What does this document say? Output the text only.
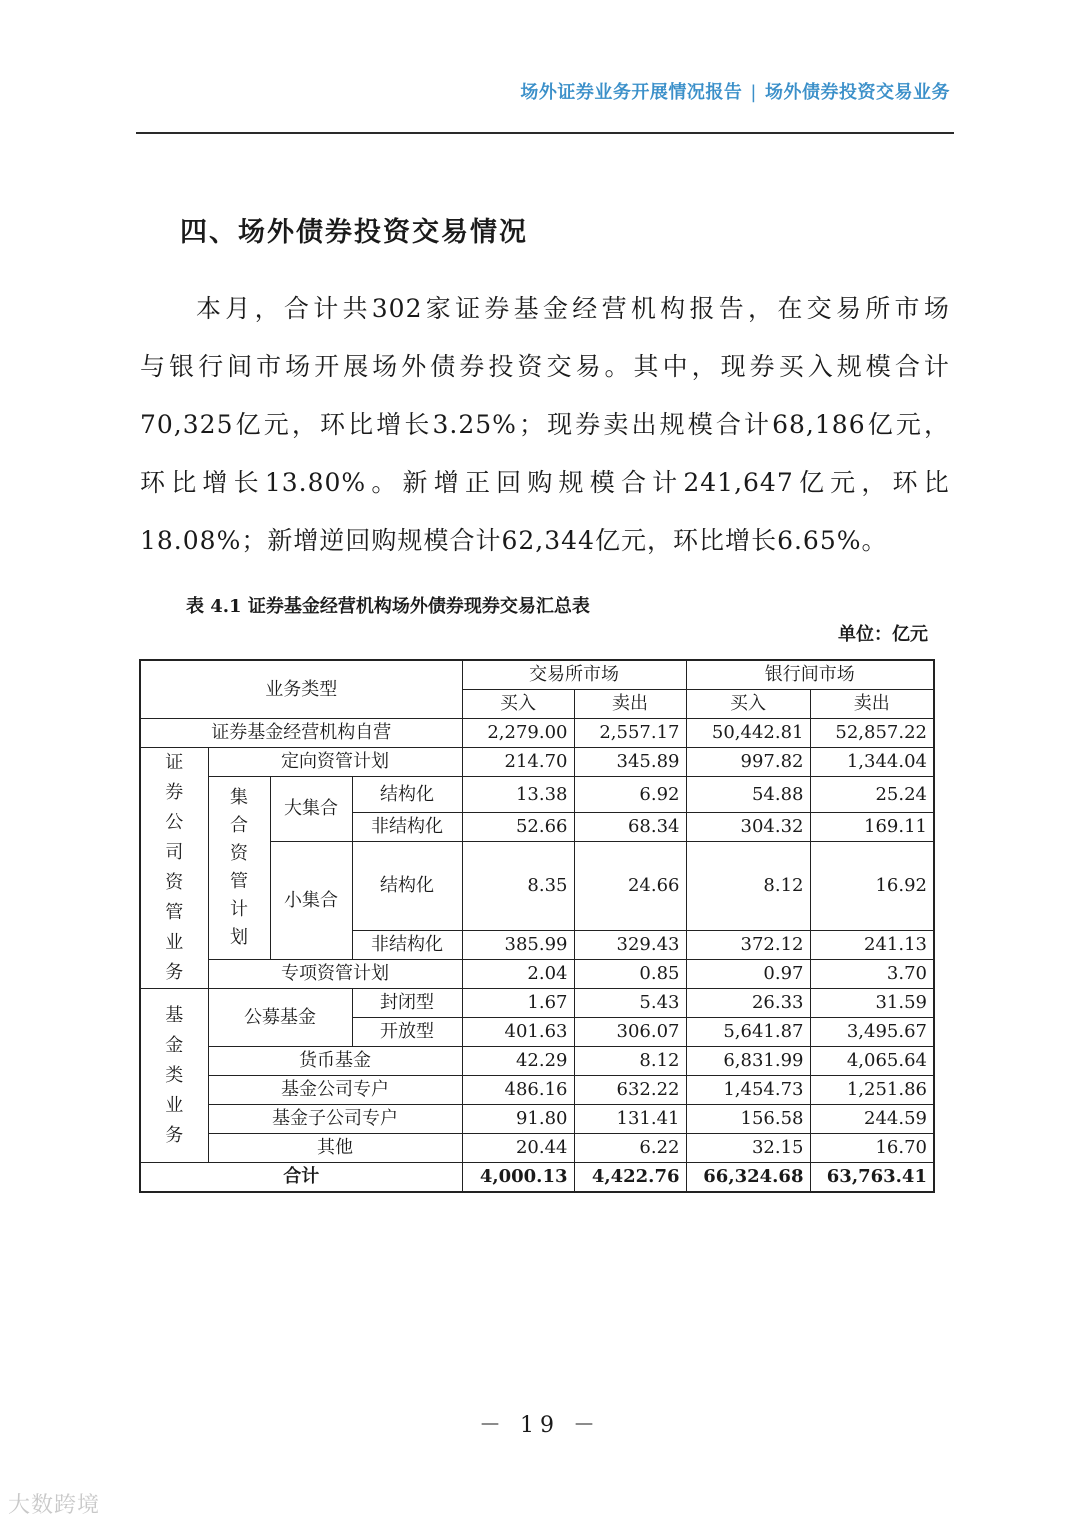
场外证券业务开展情况报告 | 场外债券投资交易业务
四、场外债券投资交易情况
本 月 ， 合 计 共 302 家 证 券 基 金 经 营 机 构 报 告 ， 在 交 易 所 市 场
与 银 行 间 市 场 开 展 场 外 债 券 投 资 交 易 。 其 中 ， 现 券 买 入 规 模 合 计
70,325 亿 元 ， 环 比 增 长 3.25% ； 现 券 卖 出 规 模 合 计 68,186 亿 元 ，
环 比 增 长 13.80% 。 新 增 正 回 购 规 模 合 计 241,647 亿 元 ， 环 比
18.08% ； 新 增 逆 回 购 规 模 合 计 62,344 亿 元 ， 环 比 增 长 6.65% 。
表 4.1 证券基金经营机构场外债券现券交易汇总表
单位：亿元
业务类型				交易所市场		银行间市场	
				买入	卖出	买入	卖出
证券基金经营机构自营				2,279.00	2,557.17	50,442.81	52,857.22
证券公司资管业务	定向资管计划			214.70	345.89	997.82	1,344.04
	集合资管计划	大集合	结构化	13.38	6.92	54.88	25.24
			非结构化	52.66	68.34	304.32	169.11
		小集合	结构化	8.35	24.66	8.12	16.92
			非结构化	385.99	329.43	372.12	241.13
	专项资管计划			2.04	0.85	0.97	3.70
基金类业务	公募基金		封闭型	1.67	5.43	26.33	31.59
			开放型	401.63	306.07	5,641.87	3,495.67
	货币基金			42.29	8.12	6,831.99	4,065.64
	基金公司专户			486.16	632.22	1,454.73	1,251.86
	基金子公司专户			91.80	131.41	156.58	244.59
	其他			20.44	6.22	32.15	16.70
合计				4,000.13	4,422.76	66,324.68	63,763.41
－ 19 －
大数跨境
